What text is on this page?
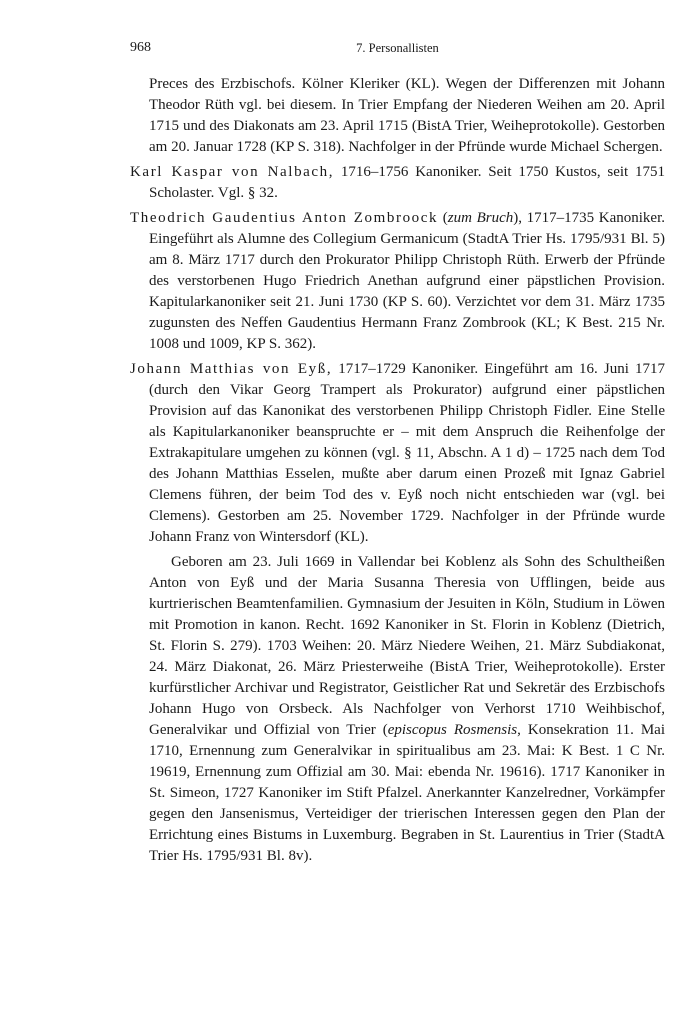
968	7. Personallisten

Preces des Erzbischofs. Kölner Kleriker (KL). Wegen der Differenzen mit Johann Theodor Rüth vgl. bei diesem. In Trier Empfang der Niederen Weihen am 20. April 1715 und des Diakonats am 23. April 1715 (BistA Trier, Weiheprotokolle). Gestorben am 20. Januar 1728 (KP S. 318). Nachfolger in der Pfründe wurde Michael Schergen.

Karl Kaspar von Nalbach, 1716–1756 Kanoniker. Seit 1750 Kustos, seit 1751 Scholaster. Vgl. § 32.

Theodrich Gaudentius Anton Zombroock (zum Bruch), 1717–1735 Kanoniker. Eingeführt als Alumne des Collegium Germanicum (StadtA Trier Hs. 1795/931 Bl. 5) am 8. März 1717 durch den Prokurator Philipp Christoph Rüth. Erwerb der Pfründe des verstorbenen Hugo Friedrich Anethan aufgrund einer päpstlichen Provision. Kapitularkanoniker seit 21. Juni 1730 (KP S. 60). Verzichtet vor dem 31. März 1735 zugunsten des Neffen Gaudentius Hermann Franz Zombrook (KL; K Best. 215 Nr. 1008 und 1009, KP S. 362).

Johann Matthias von Eyß, 1717–1729 Kanoniker. Eingeführt am 16. Juni 1717 (durch den Vikar Georg Trampert als Prokurator) aufgrund einer päpstlichen Provision auf das Kanonikat des verstorbenen Philipp Christoph Fidler. Eine Stelle als Kapitularkanoniker beanspruchte er – mit dem Anspruch die Reihenfolge der Extrakapitulare umgehen zu können (vgl. § 11, Abschn. A 1 d) – 1725 nach dem Tod des Johann Matthias Esselen, mußte aber darum einen Prozeß mit Ignaz Gabriel Clemens führen, der beim Tod des v. Eyß noch nicht entschieden war (vgl. bei Clemens). Gestorben am 25. November 1729. Nachfolger in der Pfründe wurde Johann Franz von Wintersdorf (KL).

Geboren am 23. Juli 1669 in Vallendar bei Koblenz als Sohn des Schultheißen Anton von Eyß und der Maria Susanna Theresia von Ufflingen, beide aus kurtrierischen Beamtenfamilien. Gymnasium der Jesuiten in Köln, Studium in Löwen mit Promotion in kanon. Recht. 1692 Kanoniker in St. Florin in Koblenz (Dietrich, St. Florin S. 279). 1703 Weihen: 20. März Niedere Weihen, 21. März Subdiakonat, 24. März Diakonat, 26. März Priesterweihe (BistA Trier, Weiheprotokolle). Erster kurfürstlicher Archivar und Registrator, Geistlicher Rat und Sekretär des Erzbischofs Johann Hugo von Orsbeck. Als Nachfolger von Verhorst 1710 Weihbischof, Generalvikar und Offizial von Trier (episcopus Rosmensis, Konsekration 11. Mai 1710, Ernennung zum Generalvikar in spiritualibus am 23. Mai: K Best. 1 C Nr. 19619, Ernennung zum Offizial am 30. Mai: ebenda Nr. 19616). 1717 Kanoniker in St. Simeon, 1727 Kanoniker im Stift Pfalzel. Anerkannter Kanzelredner, Vorkämpfer gegen den Jansenismus, Verteidiger der trierischen Interessen gegen den Plan der Errichtung eines Bistums in Luxemburg. Begraben in St. Laurentius in Trier (StadtA Trier Hs. 1795/931 Bl. 8v).
